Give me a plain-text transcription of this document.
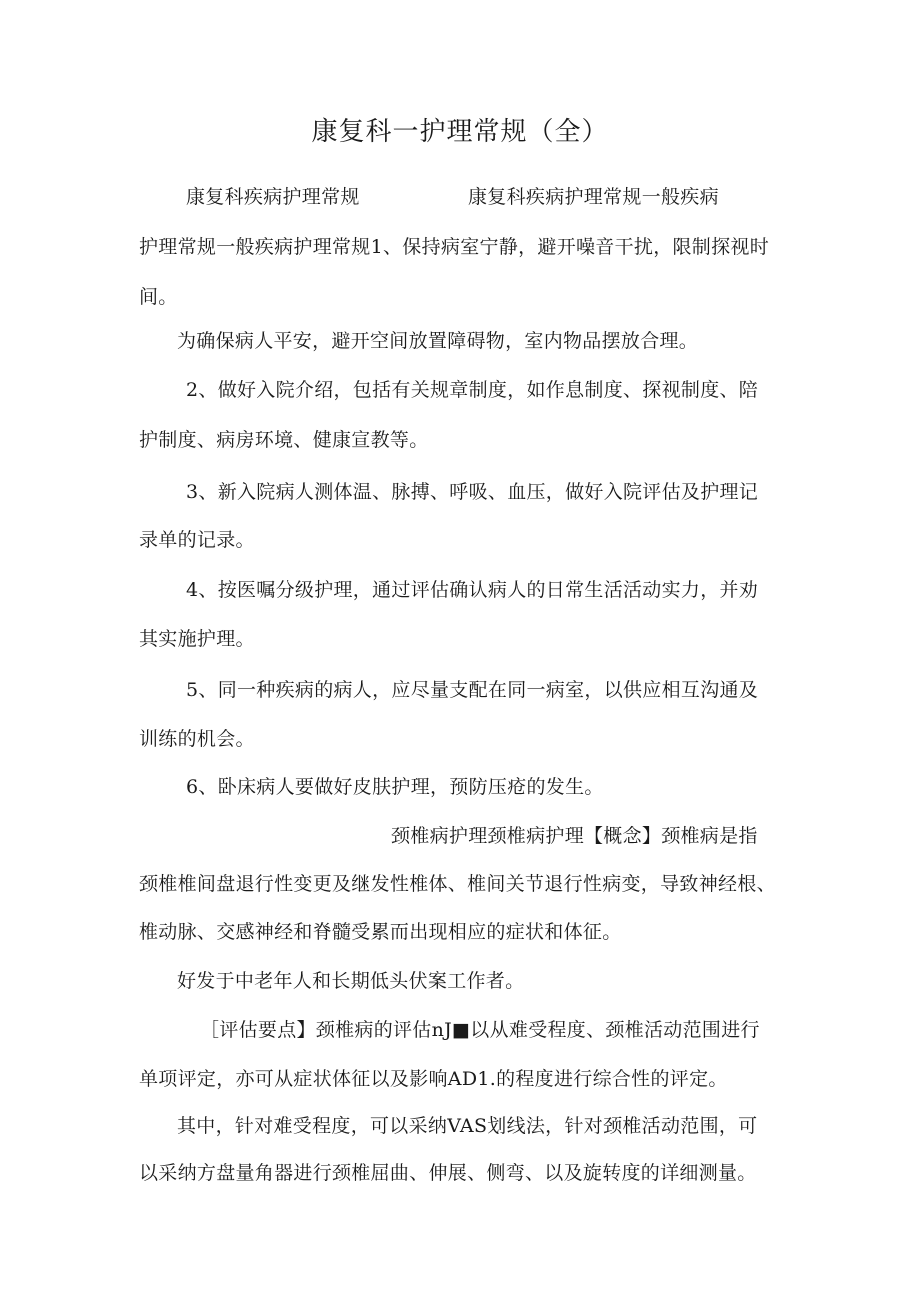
康复科一护理常规（全）
康复科疾病护理常规	康复科疾病护理常规一般疾病
护理常规一般疾病护理常规1、保持病室宁静，避开噪音干扰，限制探视时
间。
为确保病人平安，避开空间放置障碍物，室内物品摆放合理。
2、做好入院介绍，包括有关规章制度，如作息制度、探视制度、陪
护制度、病房环境、健康宣教等。
3、新入院病人测体温、脉搏、呼吸、血压，做好入院评估及护理记
录单的记录。
4、按医嘱分级护理，通过评估确认病人的日常生活活动实力，并劝
其实施护理。
5、同一种疾病的病人，应尽量支配在同一病室，以供应相互沟通及
训练的机会。
6、卧床病人要做好皮肤护理，预防压疮的发生。
颈椎病护理颈椎病护理【概念】颈椎病是指
颈椎椎间盘退行性变更及继发性椎体、椎间关节退行性病变，导致神经根、
椎动脉、交感神经和脊髓受累而出现相应的症状和体征。
好发于中老年人和长期低头伏案工作者。
［评估要点】颈椎病的评估nJ■以从难受程度、颈椎活动范围进行
单项评定，亦可从症状体征以及影响AD1.的程度进行综合性的评定。
其中，针对难受程度，可以采纳VAS划线法，针对颈椎活动范围，可
以采纳方盘量角器进行颈椎屈曲、伸展、侧弯、以及旋转度的详细测量。
